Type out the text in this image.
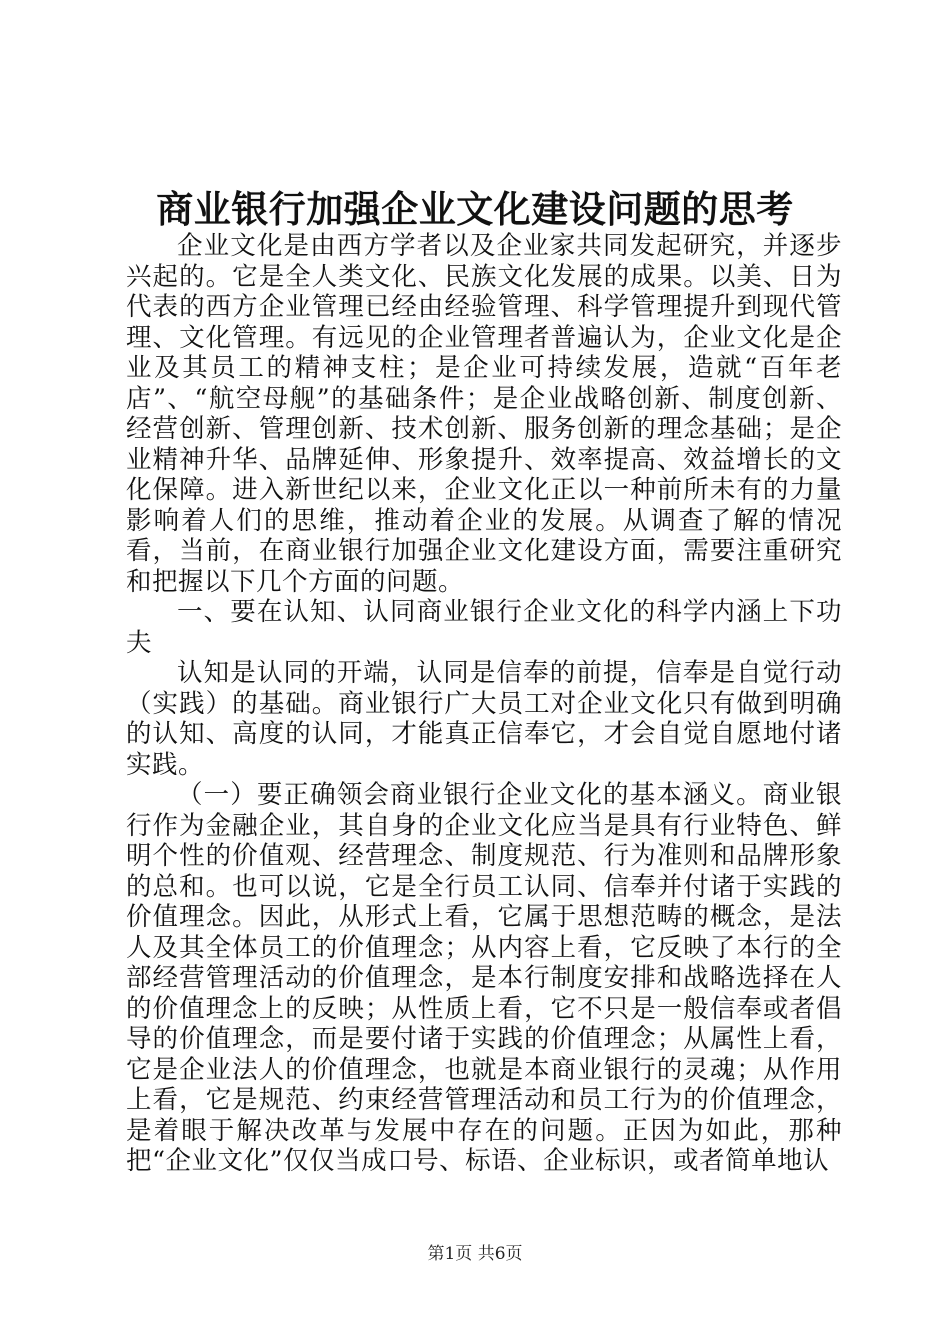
商业银行加强企业文化建设问题的思考

企业文化是由西方学者以及企业家共同发起研究，并逐步兴起的。它是全人类文化、民族文化发展的成果。以美、日为代表的西方企业管理已经由经验管理、科学管理提升到现代管理、文化管理。有远见的企业管理者普遍认为，企业文化是企业及其员工的精神支柱；是企业可持续发展，造就“百年老店”、“航空母舰”的基础条件；是企业战略创新、制度创新、经营创新、管理创新、技术创新、服务创新的理念基础；是企业精神升华、品牌延伸、形象提升、效率提高、效益增长的文化保障。进入新世纪以来，企业文化正以一种前所未有的力量影响着人们的思维，推动着企业的发展。从调查了解的情况看，当前，在商业银行加强企业文化建设方面，需要注重研究和把握以下几个方面的问题。

一、要在认知、认同商业银行企业文化的科学内涵上下功夫

认知是认同的开端，认同是信奉的前提，信奉是自觉行动（实践）的基础。商业银行广大员工对企业文化只有做到明确的认知、高度的认同，才能真正信奉它，才会自觉自愿地付诸实践。

（一）要正确领会商业银行企业文化的基本涵义。商业银行作为金融企业，其自身的企业文化应当是具有行业特色、鲜明个性的价值观、经营理念、制度规范、行为准则和品牌形象的总和。也可以说，它是全行员工认同、信奉并付诸于实践的价值理念。因此，从形式上看，它属于思想范畴的概念，是法人及其全体员工的价值理念；从内容上看，它反映了本行的全部经营管理活动的价值理念，是本行制度安排和战略选择在人的价值理念上的反映；从性质上看，它不只是一般信奉或者倡导的价值理念，而是要付诸于实践的价值理念；从属性上看，它是企业法人的价值理念，也就是本商业银行的灵魂；从作用上看，它是规范、约束经营管理活动和员工行为的价值理念，是着眼于解决改革与发展中存在的问题。正因为如此，那种把“企业文化”仅仅当成口号、标语、企业标识，或者简单地认

第1页 共6页
